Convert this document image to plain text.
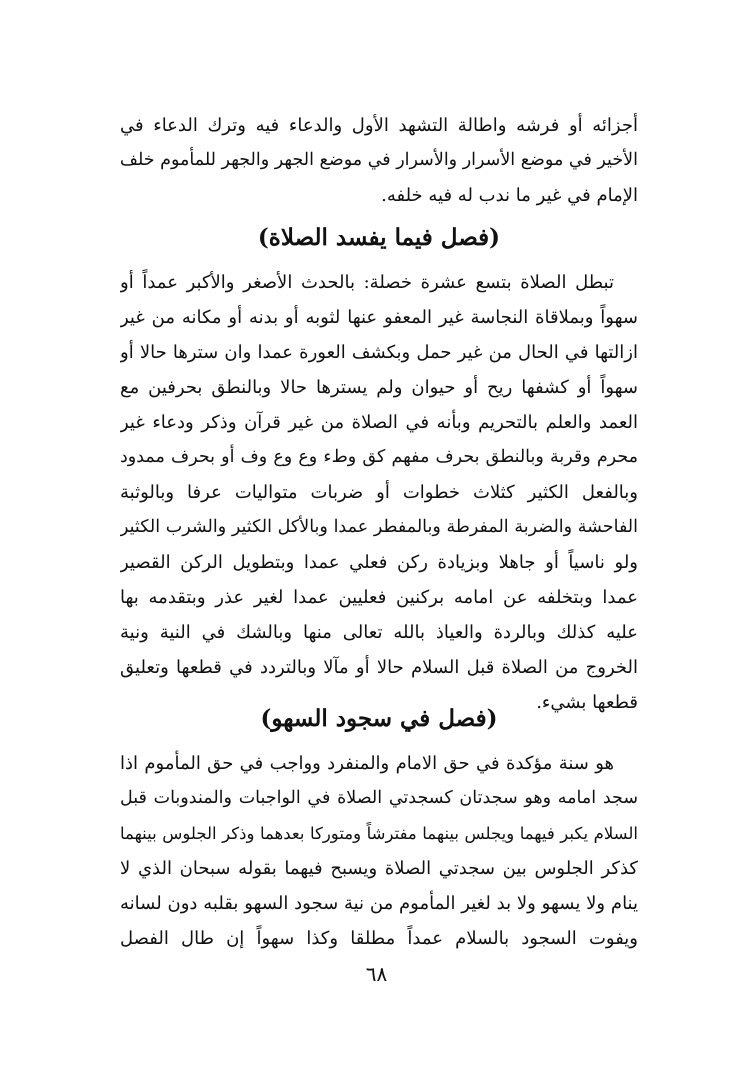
أجزائه أو فرشه واطالة التشهد الأول والدعاء فيه وترك الدعاء في
الأخير في موضع الأسرار والأسرار في موضع الجهر والجهر للمأموم خلف
الإمام في غير ما ندب له فيه خلفه.
(فصل فيما يفسد الصلاة)
تبطل الصلاة بتسع عشرة خصلة: بالحدث الأصغر والأكبر عمداً أو
سهواً وبملاقاة النجاسة غير المعفو عنها لثوبه أو بدنه أو مكانه من غير
ازالتها في الحال من غير حمل وبكشف العورة عمدا وان سترها حالا أو
سهواً أو كشفها ريح أو حيوان ولم يسترها حالا وبالنطق بحرفين مع
العمد والعلم بالتحريم وبأنه في الصلاة من غير قرآن وذكر ودعاء غير
محرم وقربة وبالنطق بحرف مفهم كق وطء وع وع وف أو بحرف ممدود
وبالفعل الكثير كثلاث خطوات أو ضربات متواليات عرفا وبالوثبة
الفاحشة والضربة المفرطة وبالمفطر عمدا وبالأكل الكثير والشرب الكثير
ولو ناسياً أو جاهلا وبزيادة ركن فعلي عمدا وبتطويل الركن القصير
عمدا وبتخلفه عن امامه بركنين فعليين عمدا لغير عذر وبتقدمه بها
عليه كذلك وبالردة والعياذ بالله تعالى منها وبالشك في النية ونية
الخروج من الصلاة قبل السلام حالا أو مآلا وبالتردد في قطعها وتعليق
قطعها بشيء.
(فصل في سجود السهو)
هو سنة مؤكدة في حق الامام والمنفرد وواجب في حق المأموم اذا
سجد امامه وهو سجدتان كسجدتي الصلاة في الواجبات والمندوبات قبل
السلام يكبر فيهما ويجلس بينهما مفترشاً ومتوركا بعدهما وذكر الجلوس بينهما
كذكر الجلوس بين سجدتي الصلاة ويسبح فيهما بقوله سبحان الذي لا
ينام ولا يسهو ولا بد لغير المأموم من نية سجود السهو بقلبه دون لسانه
ويفوت السجود بالسلام عمداً مطلقا وكذا سهواً إن طال الفصل
٦٨
